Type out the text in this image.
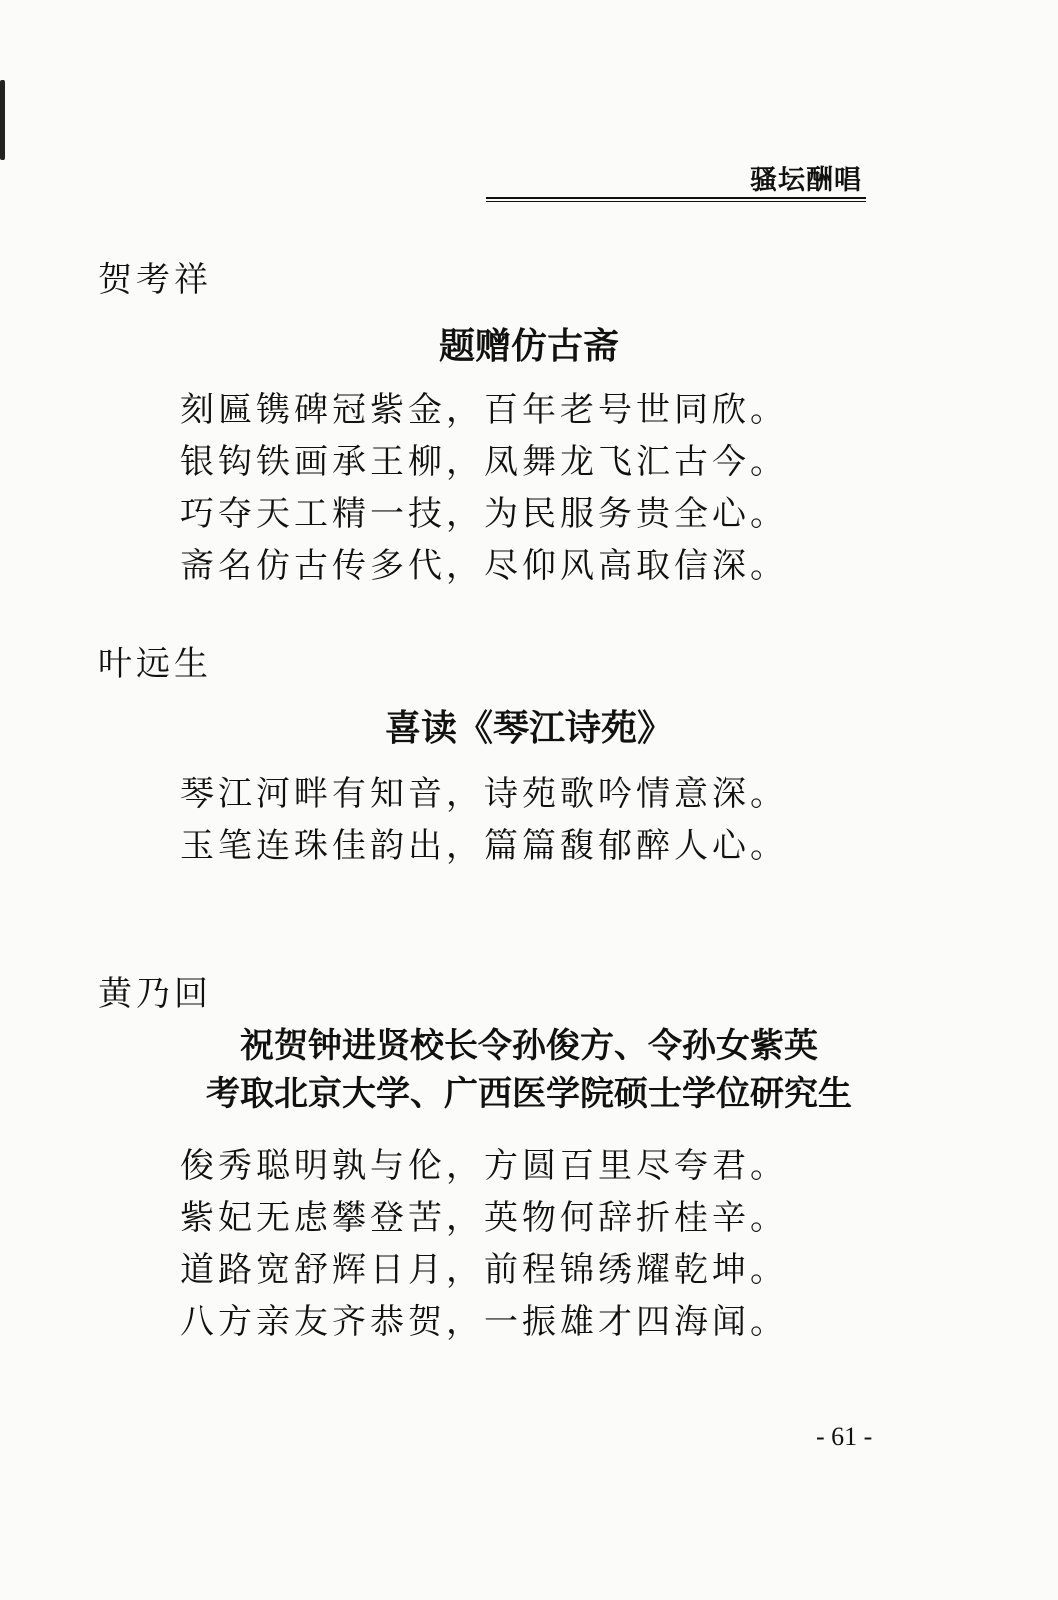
骚坛酬唱
贺考祥
题赠仿古斋
刻匾镌碑冠紫金，百年老号世同欣。
银钩铁画承王柳，凤舞龙飞汇古今。
巧夺天工精一技，为民服务贵全心。
斋名仿古传多代，尽仰风高取信深。
叶远生
喜读《琴江诗苑》
琴江河畔有知音，诗苑歌吟情意深。
玉笔连珠佳韵出，篇篇馥郁醉人心。
黄乃回
祝贺钟进贤校长令孙俊方、令孙女紫英
考取北京大学、广西医学院硕士学位研究生
俊秀聪明孰与伦，方圆百里尽夸君。
紫妃无虑攀登苦，英物何辞折桂辛。
道路宽舒辉日月，前程锦绣耀乾坤。
八方亲友齐恭贺，一振雄才四海闻。
- 61 -
